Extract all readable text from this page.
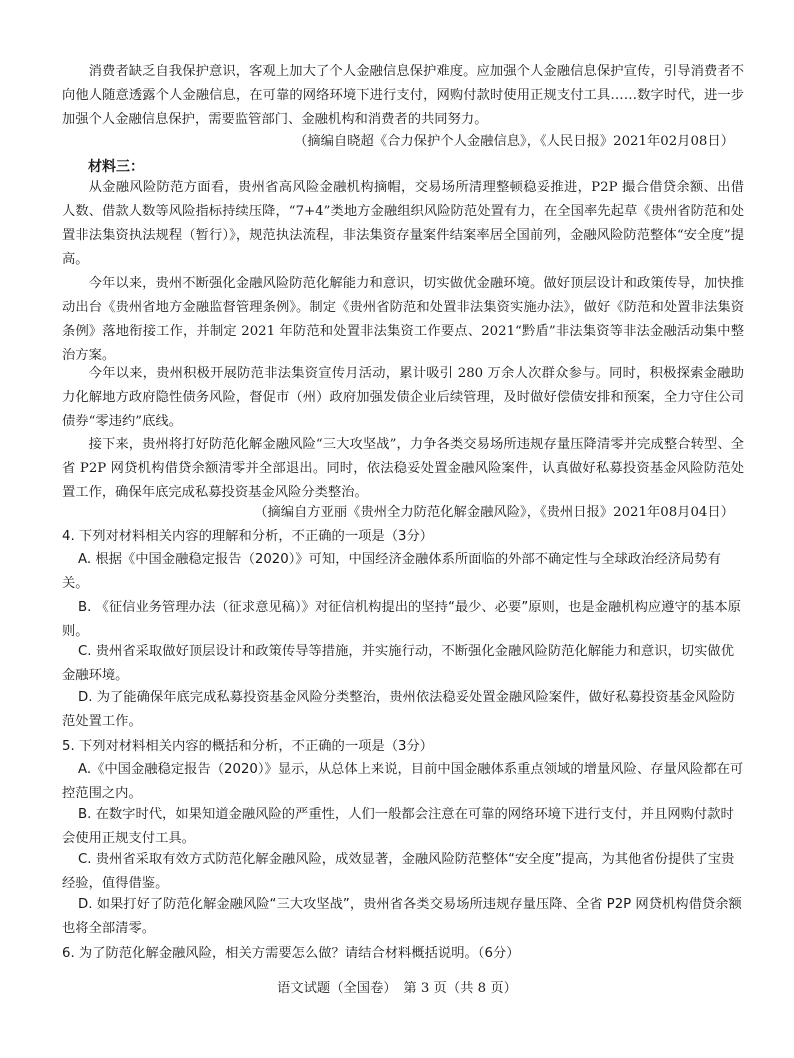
消费者缺乏自我保护意识，客观上加大了个人金融信息保护难度。应加强个人金融信息保护宣传，引导消费者不向他人随意透露个人金融信息，在可靠的网络环境下进行支付，网购付款时使用正规支付工具……数字时代，进一步加强个人金融信息保护，需要监管部门、金融机构和消费者的共同努力。

（摘编自晓超《合力保护个人金融信息》，《人民日报》2021年02月08日）

材料三：

从金融风险防范方面看，贵州省高风险金融机构摘帽，交易场所清理整顿稳妥推进，P2P 撮合借贷余额、出借人数、借款人数等风险指标持续压降，“7+4”类地方金融组织风险防范处置有力，在全国率先起草《贵州省防范和处置非法集资执法规程（暂行）》，规范执法流程，非法集资存量案件结案率居全国前列，金融风险防范整体“安全度”提高。

今年以来，贵州不断强化金融风险防范化解能力和意识，切实做优金融环境。做好顶层设计和政策传导，加快推动出台《贵州省地方金融监督管理条例》。制定《贵州省防范和处置非法集资实施办法》，做好《防范和处置非法集资条例》落地衔接工作，并制定 2021 年防范和处置非法集资工作要点、2021“黔盾”非法集资等非法金融活动集中整治方案。

今年以来，贵州积极开展防范非法集资宣传月活动，累计吸引 280 万余人次群众参与。同时，积极探索金融助力化解地方政府隐性债务风险，督促市（州）政府加强发债企业后续管理，及时做好偿债安排和预案，全力守住公司债券“零违约”底线。

接下来，贵州将打好防范化解金融风险“三大攻坚战”，力争各类交易场所违规存量压降清零并完成整合转型、全省 P2P 网贷机构借贷余额清零并全部退出。同时，依法稳妥处置金融风险案件，认真做好私募投资基金风险防范处置工作，确保年底完成私募投资基金风险分类整治。

（摘编自方亚丽《贵州全力防范化解金融风险》，《贵州日报》2021年08月04日）

4. 下列对材料相关内容的理解和分析，不正确的一项是（3分）

A. 根据《中国金融稳定报告（2020）》可知，中国经济金融体系所面临的外部不确定性与全球政治经济局势有关。

B. 《征信业务管理办法（征求意见稿）》对征信机构提出的坚持“最少、必要”原则，也是金融机构应遵守的基本原则。

C. 贵州省采取做好顶层设计和政策传导等措施，并实施行动，不断强化金融风险防范化解能力和意识，切实做优金融环境。

D. 为了能确保年底完成私募投资基金风险分类整治，贵州依法稳妥处置金融风险案件，做好私募投资基金风险防范处置工作。

5. 下列对材料相关内容的概括和分析，不正确的一项是（3分）

A.《中国金融稳定报告（2020）》显示，从总体上来说，目前中国金融体系重点领域的增量风险、存量风险都在可控范围之内。

B. 在数字时代，如果知道金融风险的严重性，人们一般都会注意在可靠的网络环境下进行支付，并且网购付款时会使用正规支付工具。

C. 贵州省采取有效方式防范化解金融风险，成效显著，金融风险防范整体“安全度”提高，为其他省份提供了宝贵经验，值得借鉴。

D. 如果打好了防范化解金融风险“三大攻坚战”，贵州省各类交易场所违规存量压降、全省 P2P 网贷机构借贷余额也将全部清零。

6. 为了防范化解金融风险，相关方需要怎么做？请结合材料概括说明。（6分）

语文试题（全国卷）　第 3 页（共 8 页）
